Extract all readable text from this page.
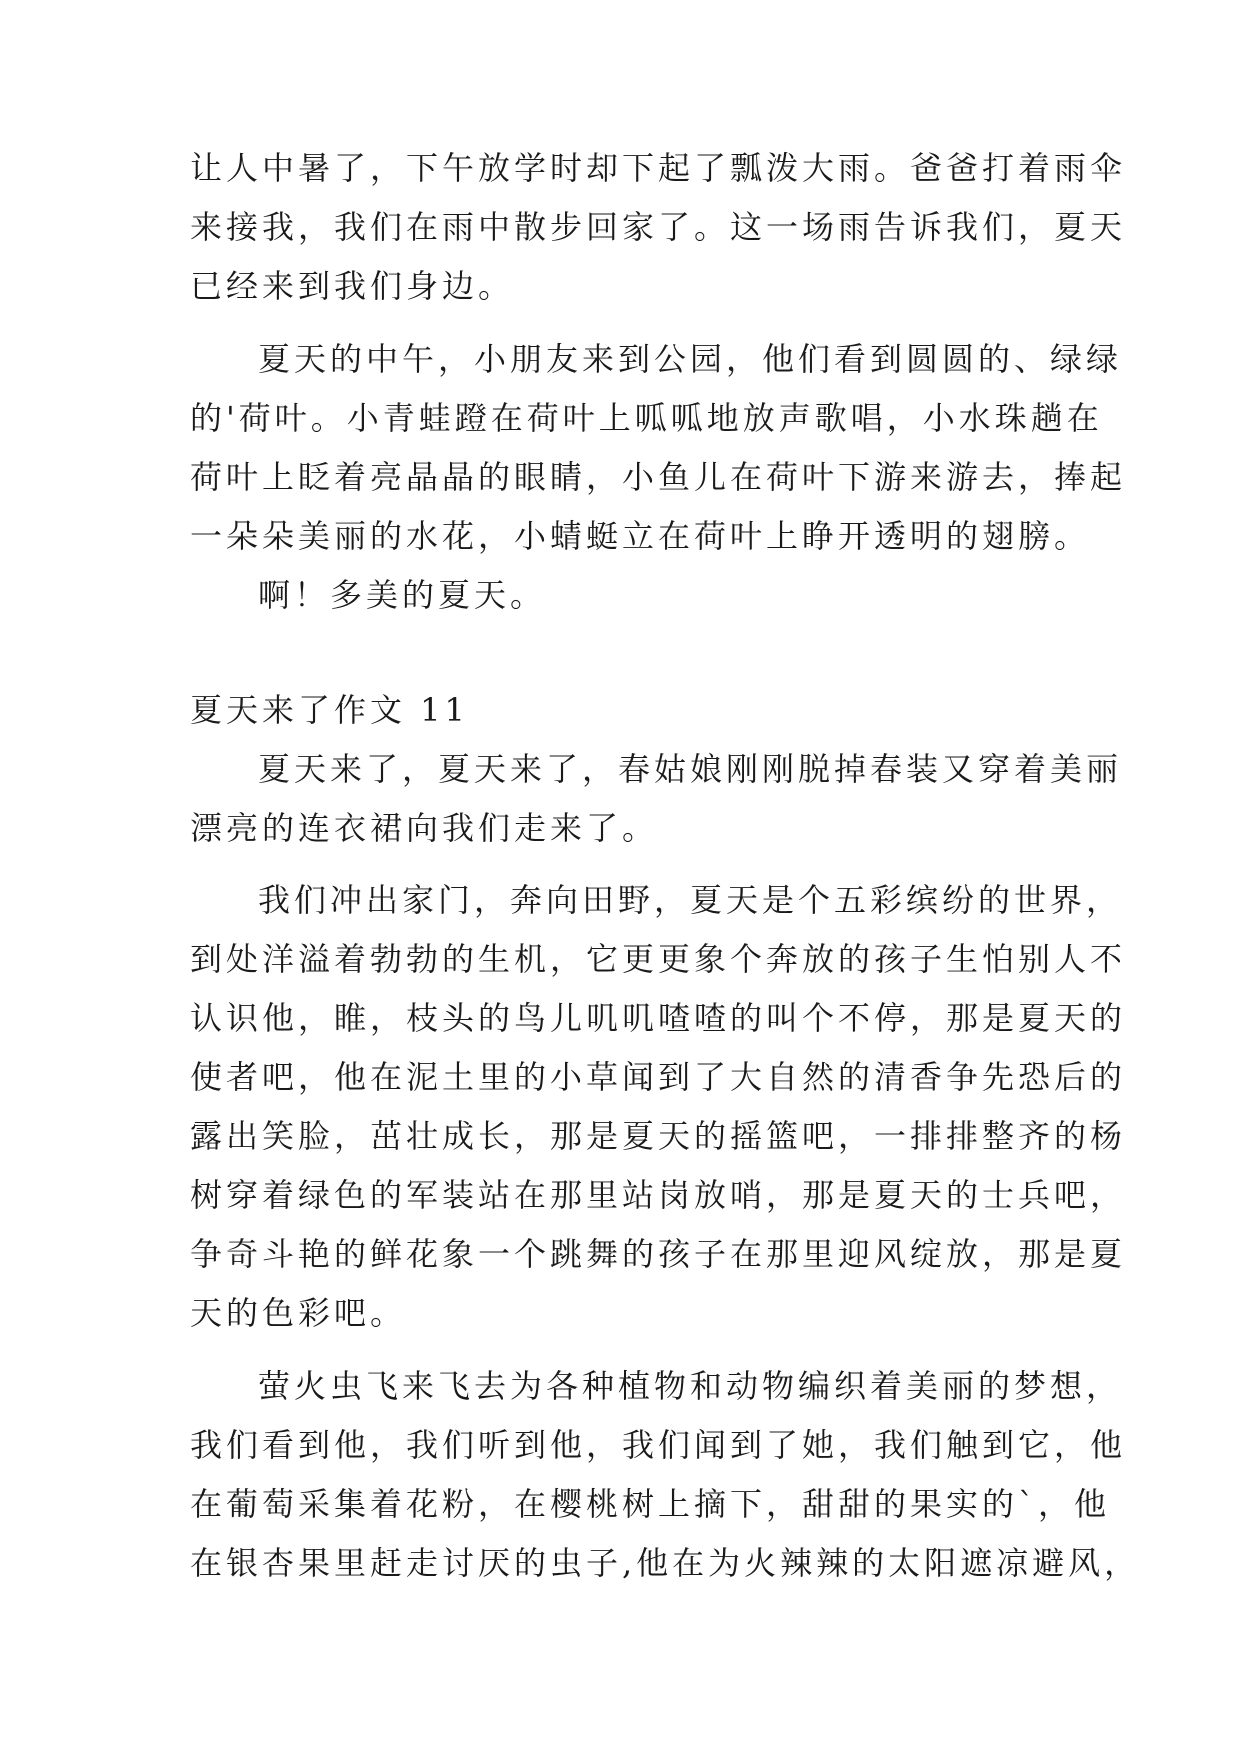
让人中暑了，下午放学时却下起了瓢泼大雨。爸爸打着雨伞
来接我，我们在雨中散步回家了。这一场雨告诉我们，夏天
已经来到我们身边。
夏天的中午，小朋友来到公园，他们看到圆圆的、绿绿
的'荷叶。小青蛙蹬在荷叶上呱呱地放声歌唱，小水珠趟在
荷叶上眨着亮晶晶的眼睛，小鱼儿在荷叶下游来游去，捧起
一朵朵美丽的水花，小蜻蜓立在荷叶上睁开透明的翅膀。
啊！多美的夏天。
夏天来了作文 11
夏天来了，夏天来了，春姑娘刚刚脱掉春装又穿着美丽
漂亮的连衣裙向我们走来了。
我们冲出家门，奔向田野，夏天是个五彩缤纷的世界，
到处洋溢着勃勃的生机，它更更象个奔放的孩子生怕别人不
认识他，睢，枝头的鸟儿叽叽喳喳的叫个不停，那是夏天的
使者吧，他在泥土里的小草闻到了大自然的清香争先恐后的
露出笑脸，茁壮成长，那是夏天的摇篮吧，一排排整齐的杨
树穿着绿色的军装站在那里站岗放哨，那是夏天的士兵吧，
争奇斗艳的鲜花象一个跳舞的孩子在那里迎风绽放，那是夏
天的色彩吧。
萤火虫飞来飞去为各种植物和动物编织着美丽的梦想，
我们看到他，我们听到他，我们闻到了她，我们触到它，他
在葡萄采集着花粉，在樱桃树上摘下，甜甜的果实的`，他
在银杏果里赶走讨厌的虫子,他在为火辣辣的太阳遮凉避风，
